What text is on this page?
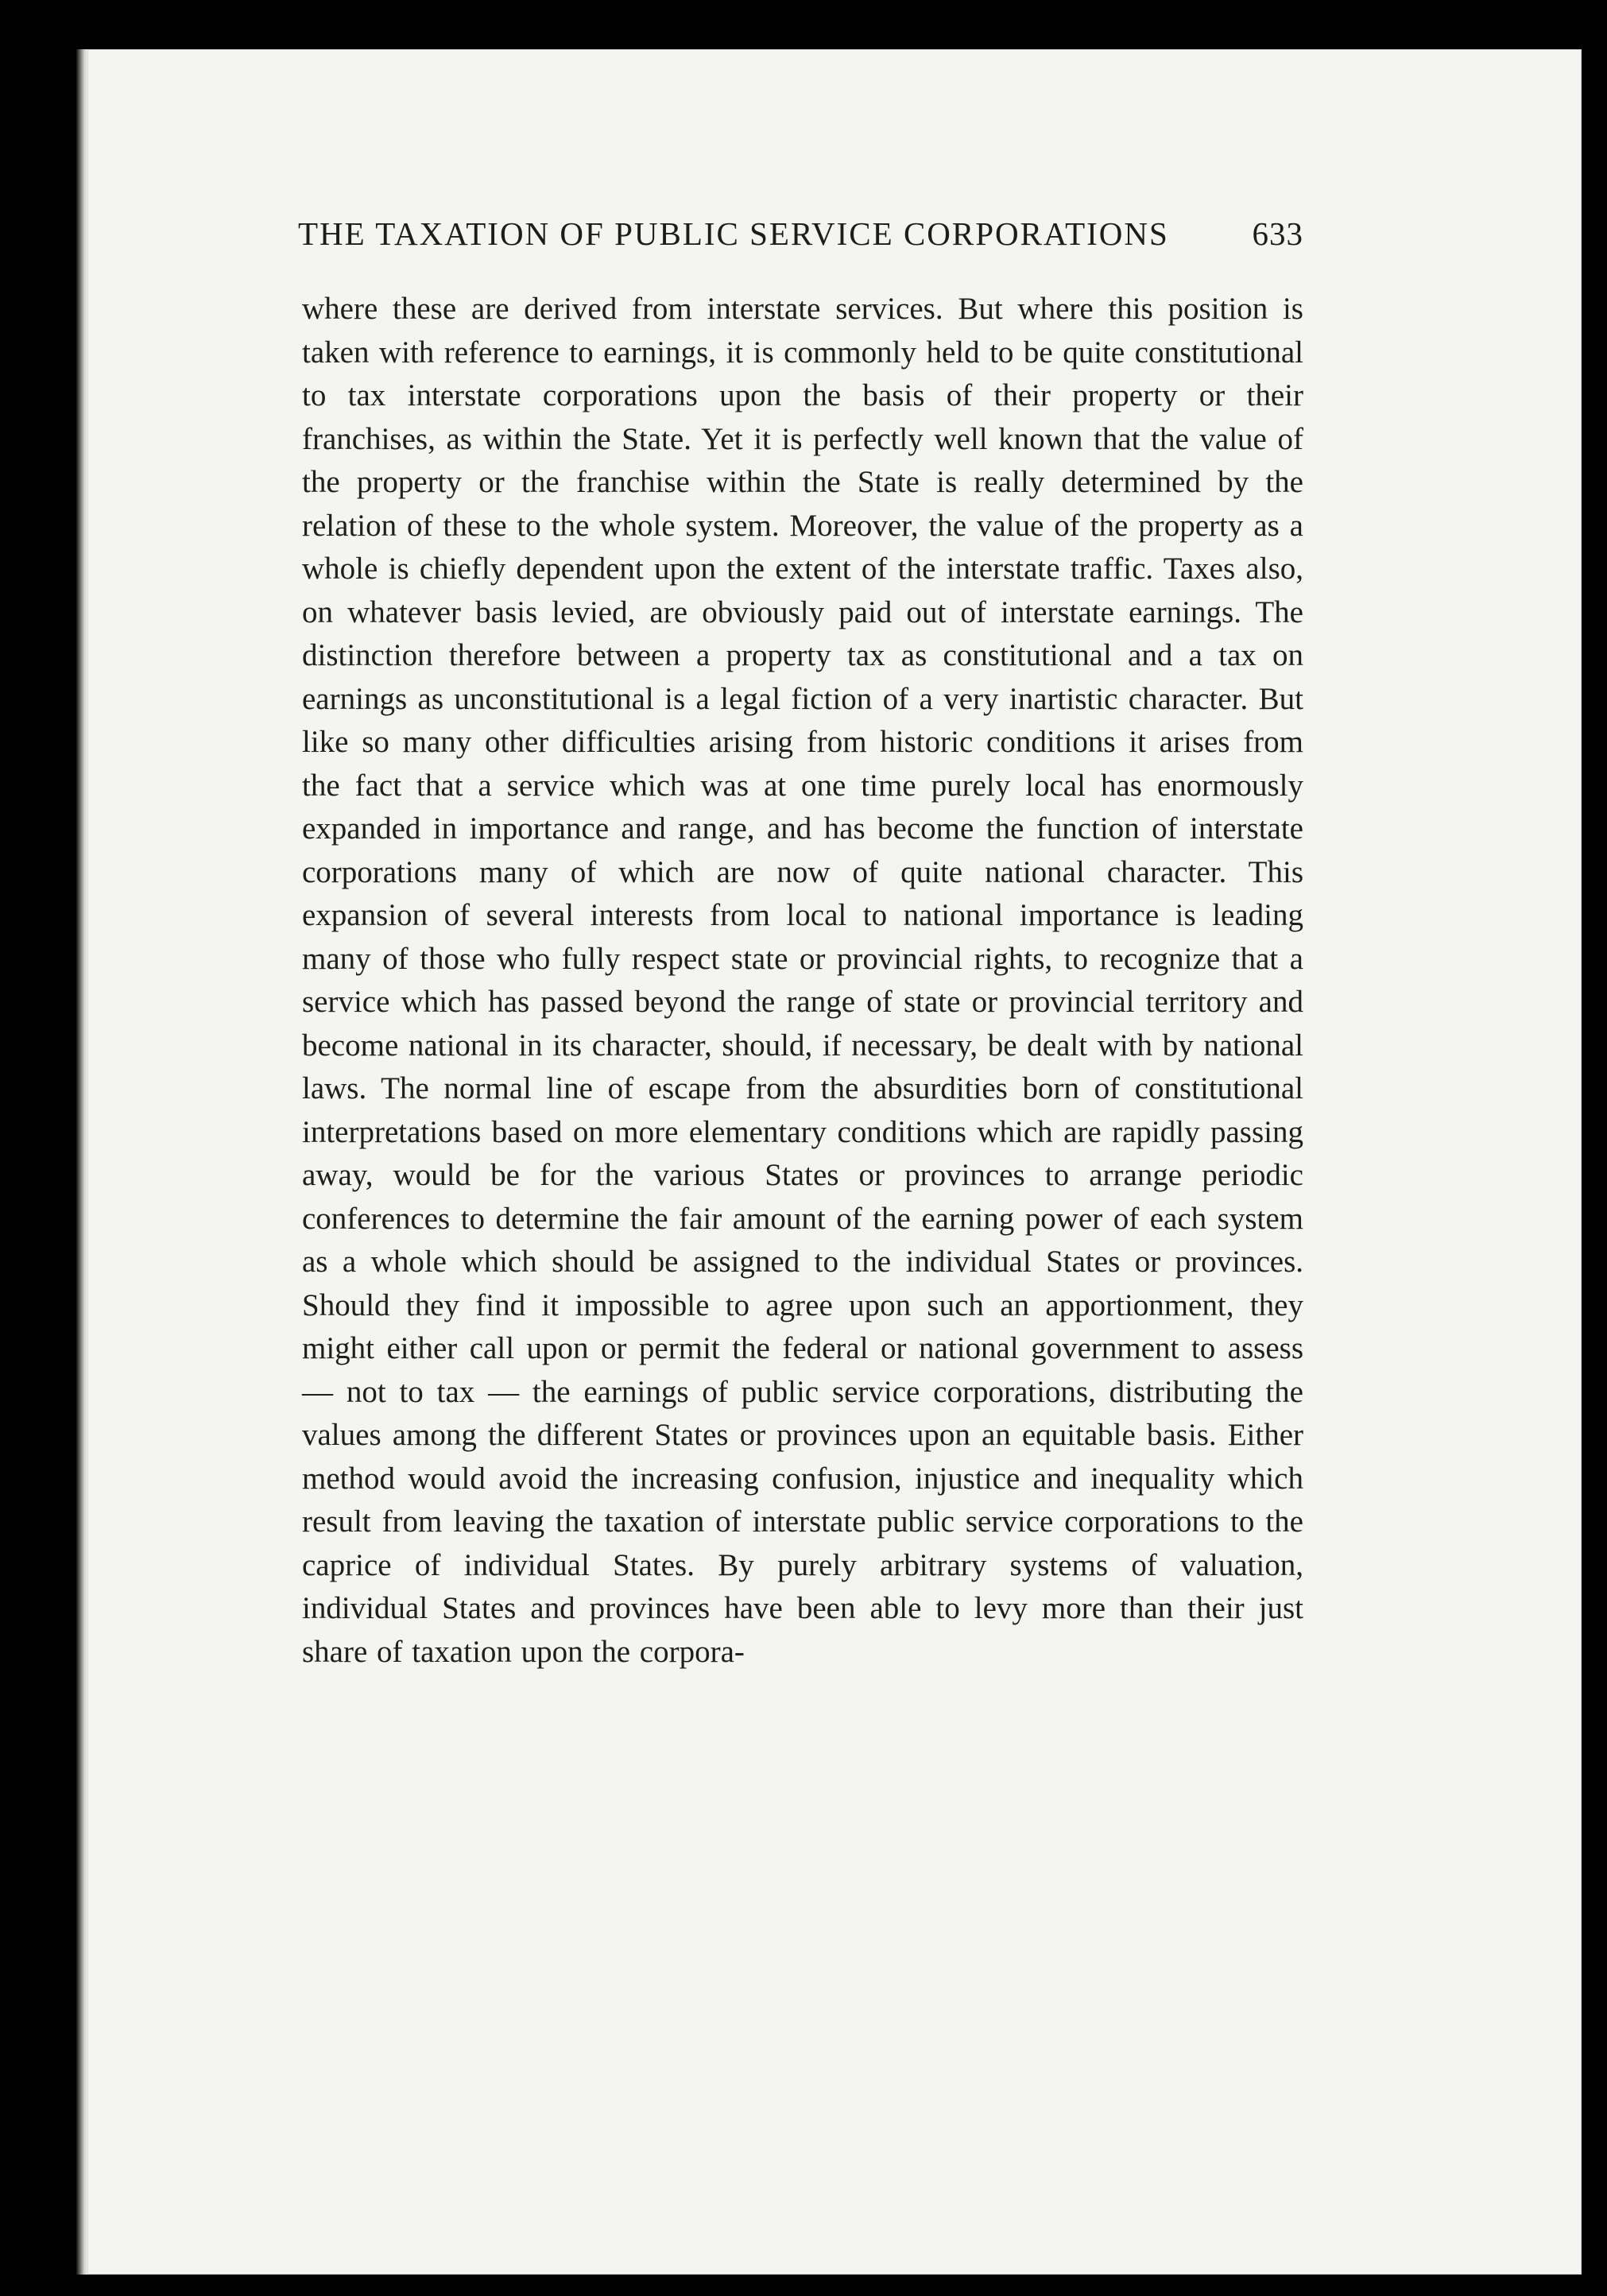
THE TAXATION OF PUBLIC SERVICE CORPORATIONS	633

where these are derived from interstate services. But where this position is taken with reference to earnings, it is commonly held to be quite constitutional to tax interstate corporations upon the basis of their property or their franchises, as within the State. Yet it is perfectly well known that the value of the property or the franchise within the State is really determined by the relation of these to the whole system. Moreover, the value of the property as a whole is chiefly dependent upon the extent of the interstate traffic. Taxes also, on whatever basis levied, are obviously paid out of interstate earnings. The distinction therefore between a property tax as constitutional and a tax on earnings as unconstitutional is a legal fiction of a very inartistic character. But like so many other difficulties arising from historic conditions it arises from the fact that a service which was at one time purely local has enormously expanded in importance and range, and has become the function of interstate corporations many of which are now of quite national character. This expansion of several interests from local to national importance is leading many of those who fully respect state or provincial rights, to recognize that a service which has passed beyond the range of state or provincial territory and become national in its character, should, if necessary, be dealt with by national laws. The normal line of escape from the absurdities born of constitutional interpretations based on more elementary conditions which are rapidly passing away, would be for the various States or provinces to arrange periodic conferences to determine the fair amount of the earning power of each system as a whole which should be assigned to the individual States or provinces. Should they find it impossible to agree upon such an apportionment, they might either call upon or permit the federal or national government to assess — not to tax — the earnings of public service corporations, distributing the values among the different States or provinces upon an equitable basis. Either method would avoid the increasing confusion, injustice and inequality which result from leaving the taxation of interstate public service corporations to the caprice of individual States. By purely arbitrary systems of valuation, individual States and provinces have been able to levy more than their just share of taxation upon the corpora-
